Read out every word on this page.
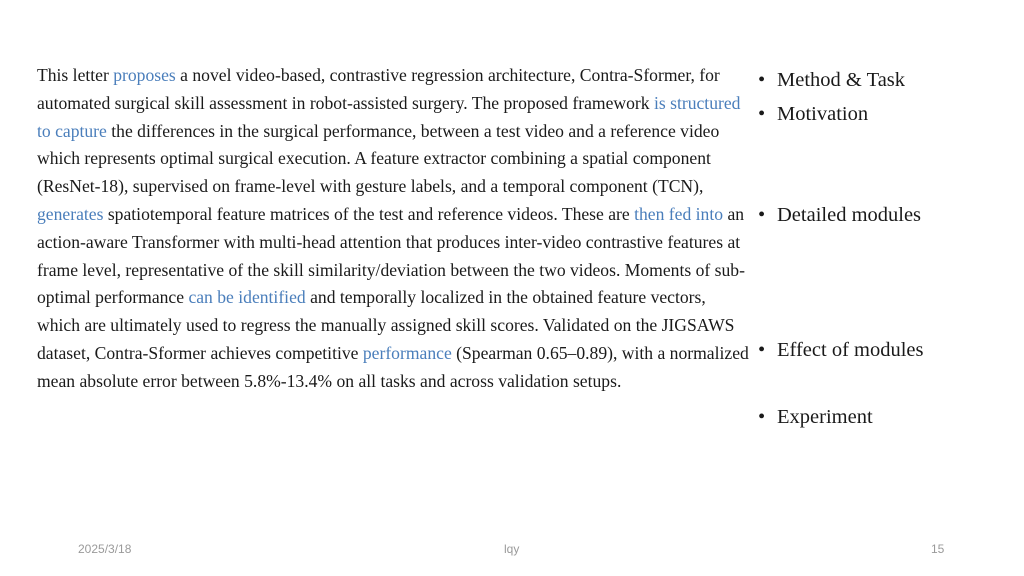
This letter proposes a novel video-based, contrastive regression architecture, Contra-Sformer, for automated surgical skill assessment in robot-assisted surgery. The proposed framework is structured to capture the differences in the surgical performance, between a test video and a reference video which represents optimal surgical execution. A feature extractor combining a spatial component (ResNet-18), supervised on frame-level with gesture labels, and a temporal component (TCN), generates spatiotemporal feature matrices of the test and reference videos. These are then fed into an action-aware Transformer with multi-head attention that produces inter-video contrastive features at frame level, representative of the skill similarity/deviation between the two videos. Moments of sub-optimal performance can be identified and temporally localized in the obtained feature vectors, which are ultimately used to regress the manually assigned skill scores. Validated on the JIGSAWS dataset, Contra-Sformer achieves competitive performance (Spearman 0.65–0.89), with a normalized mean absolute error between 5.8%-13.4% on all tasks and across validation setups.

• Method & Task
• Motivation
• Detailed modules
• Effect of modules
• Experiment
2025/3/18	lqy	15
